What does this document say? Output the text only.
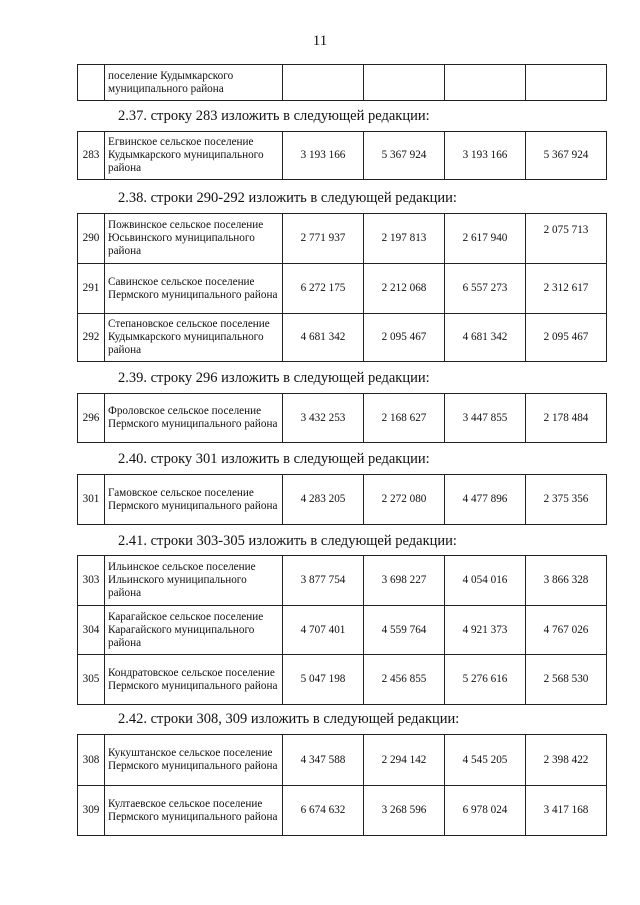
11
	поселение Кудымкарского муниципального района				
2.37. строку 283 изложить в следующей редакции:
283	Егвинское сельское поселение Кудымкарского муниципального района	3 193 166	5 367 924	3 193 166	5 367 924
2.38. строки 290-292 изложить в следующей редакции:
290	Пожвинское сельское поселение Юсьвинского муниципального района	2 771 937	2 197 813	2 617 940	2 075 713
291	Савинское сельское поселение Пермского муниципального района	6 272 175	2 212 068	6 557 273	2 312 617
292	Степановское сельское поселение Кудымкарского муниципального района	4 681 342	2 095 467	4 681 342	2 095 467
2.39. строку 296 изложить в следующей редакции:
296	Фроловское сельское поселение Пермского муниципального района	3 432 253	2 168 627	3 447 855	2 178 484
2.40. строку 301 изложить в следующей редакции:
301	Гамовское сельское поселение Пермского муниципального района	4 283 205	2 272 080	4 477 896	2 375 356
2.41. строки 303-305 изложить в следующей редакции:
303	Ильинское сельское поселение Ильинского муниципального района	3 877 754	3 698 227	4 054 016	3 866 328
304	Карагайское сельское поселение Карагайского муниципального района	4 707 401	4 559 764	4 921 373	4 767 026
305	Кондратовское сельское поселение Пермского муниципального района	5 047 198	2 456 855	5 276 616	2 568 530
2.42. строки 308, 309 изложить в следующей редакции:
308	Кукуштанское сельское поселение Пермского муниципального района	4 347 588	2 294 142	4 545 205	2 398 422
309	Култаевское сельское поселение Пермского муниципального района	6 674 632	3 268 596	6 978 024	3 417 168
